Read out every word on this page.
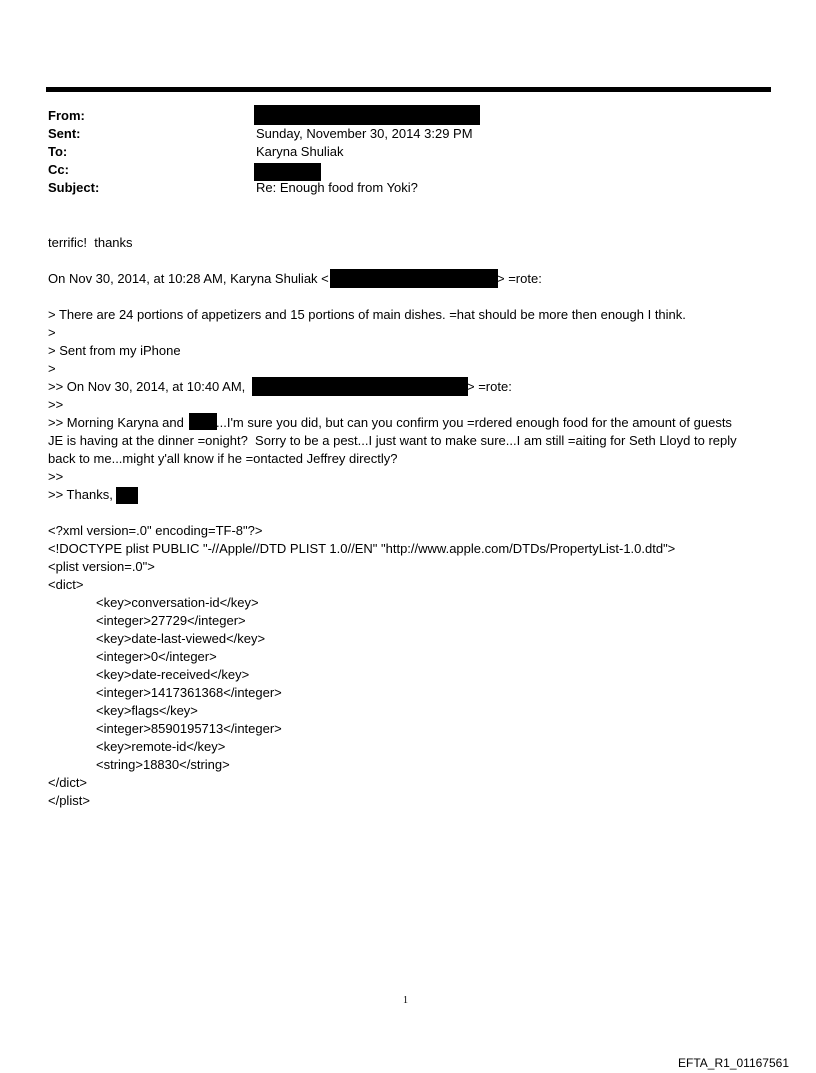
From:
Sent:
To:
Cc:
Subject:
Sunday, November 30, 2014 3:29 PM
Karyna Shuliak
Re: Enough food from Yoki?
terrific!  thanks
On Nov 30, 2014, at 10:28 AM, Karyna Shuliak <	> =rote:
> There are 24 portions of appetizers and 15 portions of main dishes. =hat should be more then enough I think.
>
> Sent from my iPhone
>
>> On Nov 30, 2014, at 10:40 AM,	> =rote:
>>
>> Morning Karyna and ...I'm sure you did, but can you confirm you =rdered enough food for the amount of guests
JE is having at the dinner =onight?  Sorry to be a pest...I just want to make sure...I am still =aiting for Seth Lloyd to reply
back to me...might y'all know if he =ontacted Jeffrey directly?
>>
>> Thanks,
<?xml version=.0" encoding=TF-8"?>
<!DOCTYPE plist PUBLIC "-//Apple//DTD PLIST 1.0//EN" "http://www.apple.com/DTDs/PropertyList-1.0.dtd">
<plist version=.0">
<dict>
<key>conversation-id</key>
<integer>27729</integer>
<key>date-last-viewed</key>
<integer>0</integer>
<key>date-received</key>
<integer>1417361368</integer>
<key>flags</key>
<integer>8590195713</integer>
<key>remote-id</key>
<string>18830</string>
</dict>
</plist>
1
EFTA_R1_01167561
